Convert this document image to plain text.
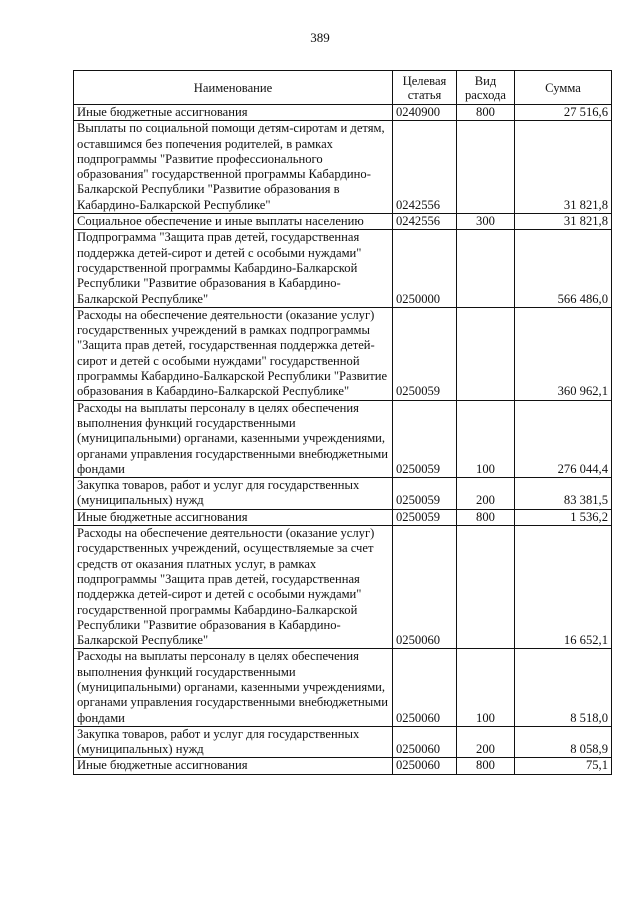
389
Наименование	Целевая статья	Вид расхода	Сумма
Иные бюджетные ассигнования	0240900	800	27 516,6
Выплаты по социальной помощи детям-сиротам и детям, оставшимся без попечения родителей, в рамках подпрограммы "Развитие профессионального образования" государственной программы Кабардино-Балкарской Республики "Развитие образования в Кабардино-Балкарской Республике"	0242556		31 821,8
Социальное обеспечение и иные выплаты населению	0242556	300	31 821,8
Подпрограмма "Защита прав детей, государственная поддержка детей-сирот и детей с особыми нуждами" государственной программы Кабардино-Балкарской Республики "Развитие образования в Кабардино-Балкарской Республике"	0250000		566 486,0
Расходы на обеспечение деятельности (оказание услуг) государственных учреждений в рамках подпрограммы "Защита прав детей, государственная поддержка детей-сирот и детей с особыми нуждами" государственной программы Кабардино-Балкарской Республики "Развитие образования в Кабардино-Балкарской Республике"	0250059		360 962,1
Расходы на выплаты персоналу в целях обеспечения выполнения функций государственными (муниципальными) органами, казенными учреждениями, органами управления государственными внебюджетными фондами	0250059	100	276 044,4
Закупка товаров, работ и услуг для государственных (муниципальных) нужд	0250059	200	83 381,5
Иные бюджетные ассигнования	0250059	800	1 536,2
Расходы на обеспечение деятельности (оказание услуг) государственных учреждений, осуществляемые за счет средств от оказания платных услуг, в рамках подпрограммы "Защита прав детей, государственная поддержка детей-сирот и детей с особыми нуждами" государственной программы Кабардино-Балкарской Республики "Развитие образования в Кабардино-Балкарской Республике"	0250060		16 652,1
Расходы на выплаты персоналу в целях обеспечения выполнения функций государственными (муниципальными) органами, казенными учреждениями, органами управления государственными внебюджетными фондами	0250060	100	8 518,0
Закупка товаров, работ и услуг для государственных (муниципальных) нужд	0250060	200	8 058,9
Иные бюджетные ассигнования	0250060	800	75,1
